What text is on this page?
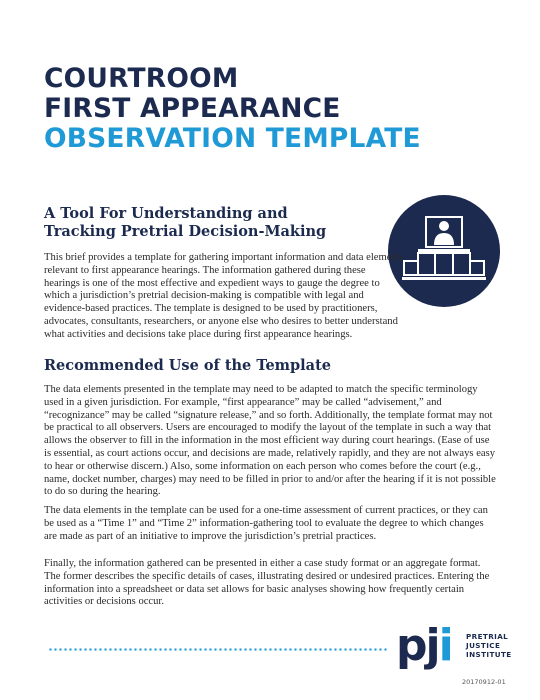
COURTROOM
FIRST APPEARANCE
OBSERVATION TEMPLATE
A Tool For Understanding and
Tracking Pretrial Decision-Making

This brief provides a template for gathering important information and data elements relevant to first appearance hearings. The information gathered during these hearings is one of the most effective and expedient ways to gauge the degree to which a jurisdiction’s pretrial decision-making is compatible with legal and evidence-based practices. The template is designed to be used by practitioners, advocates, consultants, researchers, or anyone else who desires to better understand what activities and decisions take place during first appearance hearings.

Recommended Use of the Template

The data elements presented in the template may need to be adapted to match the specific terminology used in a given jurisdiction. For example, “first appearance” may be called “advisement,” and “recognizance” may be called “signature release,” and so forth. Additionally, the template format may not be practical to all observers. Users are encouraged to modify the layout of the template in such a way that allows the observer to fill in the information in the most efficient way during court hearings. (Ease of use is essential, as court actions occur, and decisions are made, relatively rapidly, and they are not always easy to hear or otherwise discern.) Also, some information on each person who comes before the court (e.g., name, docket number, charges) may need to be filled in prior to and/or after the hearing if it is not possible to do so during the hearing.

The data elements in the template can be used for a one-time assessment of current practices, or they can be used as a “Time 1” and “Time 2” information-gathering tool to evaluate the degree to which changes are made as part of an initiative to improve the jurisdiction’s pretrial practices.

Finally, the information gathered can be presented in either a case study format or an aggregate format. The former describes the specific details of cases, illustrating desired or undesired practices. Entering the information into a spreadsheet or data set allows for basic analyses showing how frequently certain activities or decisions occur.

pji PRETRIAL
JUSTICE
INSTITUTE
20170912-01
